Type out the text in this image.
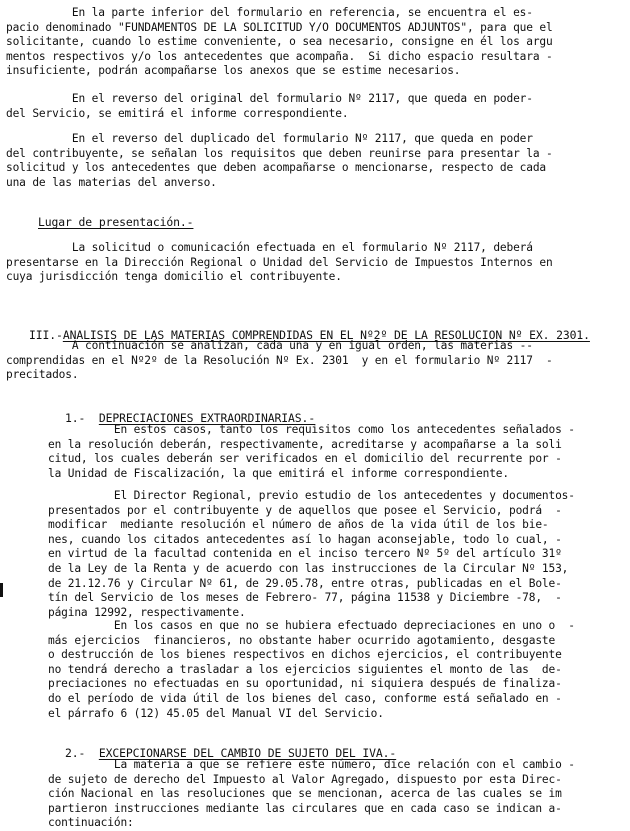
En la parte inferior del formulario en referencia, se encuentra el es-
pacio denominado "FUNDAMENTOS DE LA SOLICITUD Y/O DOCUMENTOS ADJUNTOS", para que el
solicitante, cuando lo estime conveniente, o sea necesario, consigne en él los argu
mentos respectivos y/o los antecedentes que acompaña.  Si dicho espacio resultara -
insuficiente, podrán acompañarse los anexos que se estime necesarios.
En el reverso del original del formulario Nº 2117, que queda en poder-
del Servicio, se emitirá el informe correspondiente.
En el reverso del duplicado del formulario Nº 2117, que queda en poder
del contribuyente, se señalan los requisitos que deben reunirse para presentar la -
solicitud y los antecedentes que deben acompañarse o mencionarse, respecto de cada
una de las materias del anverso.
Lugar de presentación.-
La solicitud o comunicación efectuada en el formulario Nº 2117, deberá
presentarse en la Dirección Regional o Unidad del Servicio de Impuestos Internos en
cuya jurisdicción tenga domicilio el contribuyente.

III.-ANALISIS DE LAS MATERIAS COMPRENDIDAS EN EL Nº2º DE LA RESOLUCION Nº EX. 2301.

A continuación se analizan, cada una y en igual orden, las materias --
comprendidas en el Nº2º de la Resolución Nº Ex. 2301  y en el formulario Nº 2117  -
precitados.

1.- DEPRECIACIONES EXTRAORDINARIAS.-

En estos casos, tanto los requisitos como los antecedentes señalados -
en la resolución deberán, respectivamente, acreditarse y acompañarse a la soli
citud, los cuales deberán ser verificados en el domicilio del recurrente por -
la Unidad de Fiscalización, la que emitirá el informe correspondiente.
El Director Regional, previo estudio de los antecedentes y documentos-
presentados por el contribuyente y de aquellos que posee el Servicio, podrá  -
modificar  mediante resolución el número de años de la vida útil de los bie-
nes, cuando los citados antecedentes así lo hagan aconsejable, todo lo cual, -
en virtud de la facultad contenida en el inciso tercero Nº 5º del artículo 31º
de la Ley de la Renta y de acuerdo con las instrucciones de la Circular Nº 153,
de 21.12.76 y Circular Nº 61, de 29.05.78, entre otras, publicadas en el Bole-
tín del Servicio de los meses de Febrero- 77, página 11538 y Diciembre -78,  -
página 12992, respectivamente.
En los casos en que no se hubiera efectuado depreciaciones en uno o  -
más ejercicios  financieros, no obstante haber ocurrido agotamiento, desgaste
o destrucción de los bienes respectivos en dichos ejercicios, el contribuyente
no tendrá derecho a trasladar a los ejercicios siguientes el monto de las  de-
preciaciones no efectuadas en su oportunidad, ni siquiera después de finaliza-
do el período de vida útil de los bienes del caso, conforme está señalado en -
el párrafo 6 (12) 45.05 del Manual VI del Servicio.

2.- EXCEPCIONARSE DEL CAMBIO DE SUJETO DEL IVA.-

La materia a que se refiere este número, dice relación con el cambio -
de sujeto de derecho del Impuesto al Valor Agregado, dispuesto por esta Direc-
ción Nacional en las resoluciones que se mencionan, acerca de las cuales se im
partieron instrucciones mediante las circulares que en cada caso se indican a-
continuación:
